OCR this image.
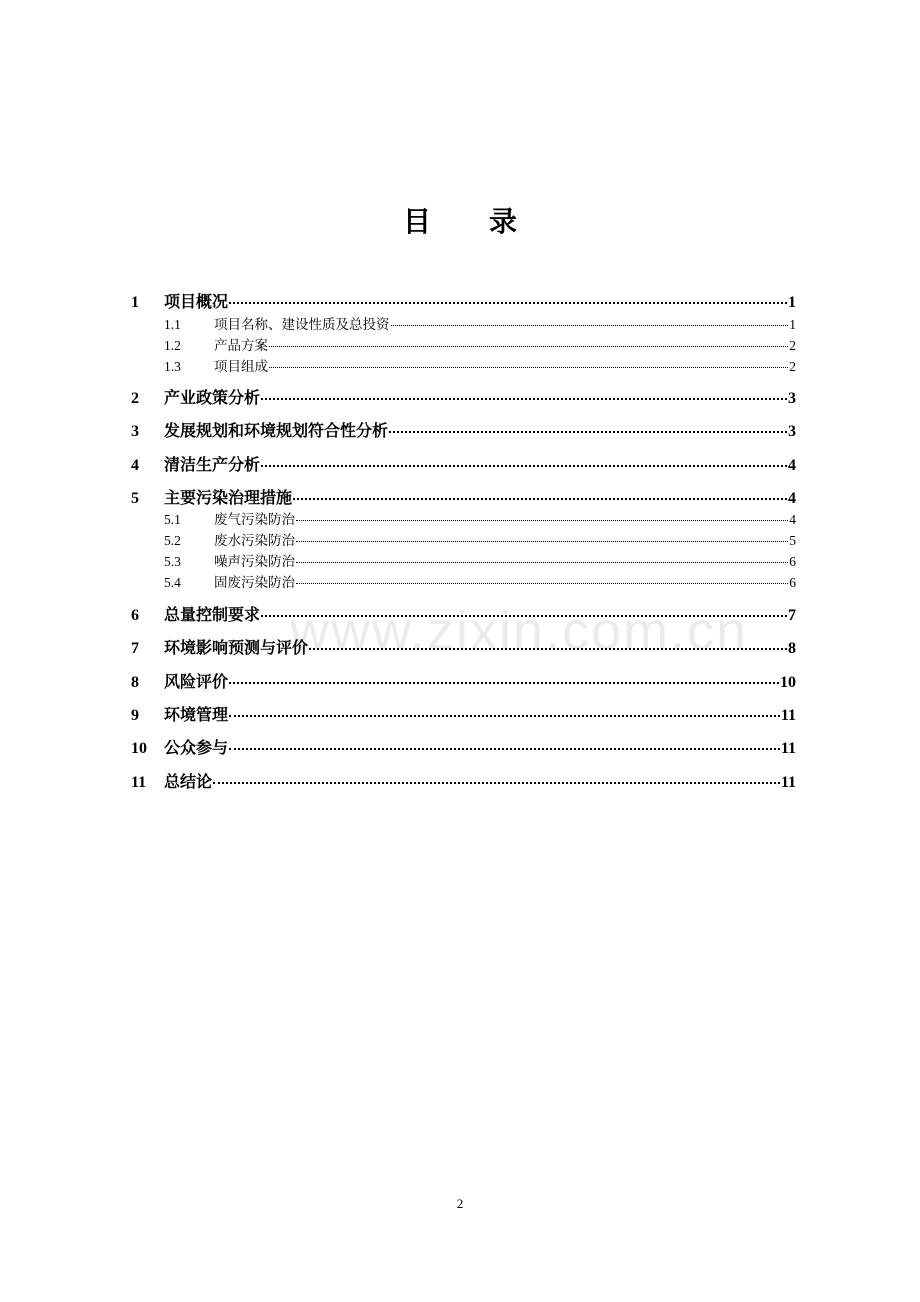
目 录
1	项目概况	1
1.1	项目名称、建设性质及总投资	1
1.2	产品方案	2
1.3	项目组成	2
2	产业政策分析	3
3	发展规划和环境规划符合性分析	3
4	清洁生产分析	4
5	主要污染治理措施	4
5.1	废气污染防治	4
5.2	废水污染防治	5
5.3	噪声污染防治	6
5.4	固废污染防治	6
6	总量控制要求	7
7	环境影响预测与评价	8
8	风险评价	10
9	环境管理	11
10	公众参与	11
11	总结论	11
www.zixin.com.cn
2
